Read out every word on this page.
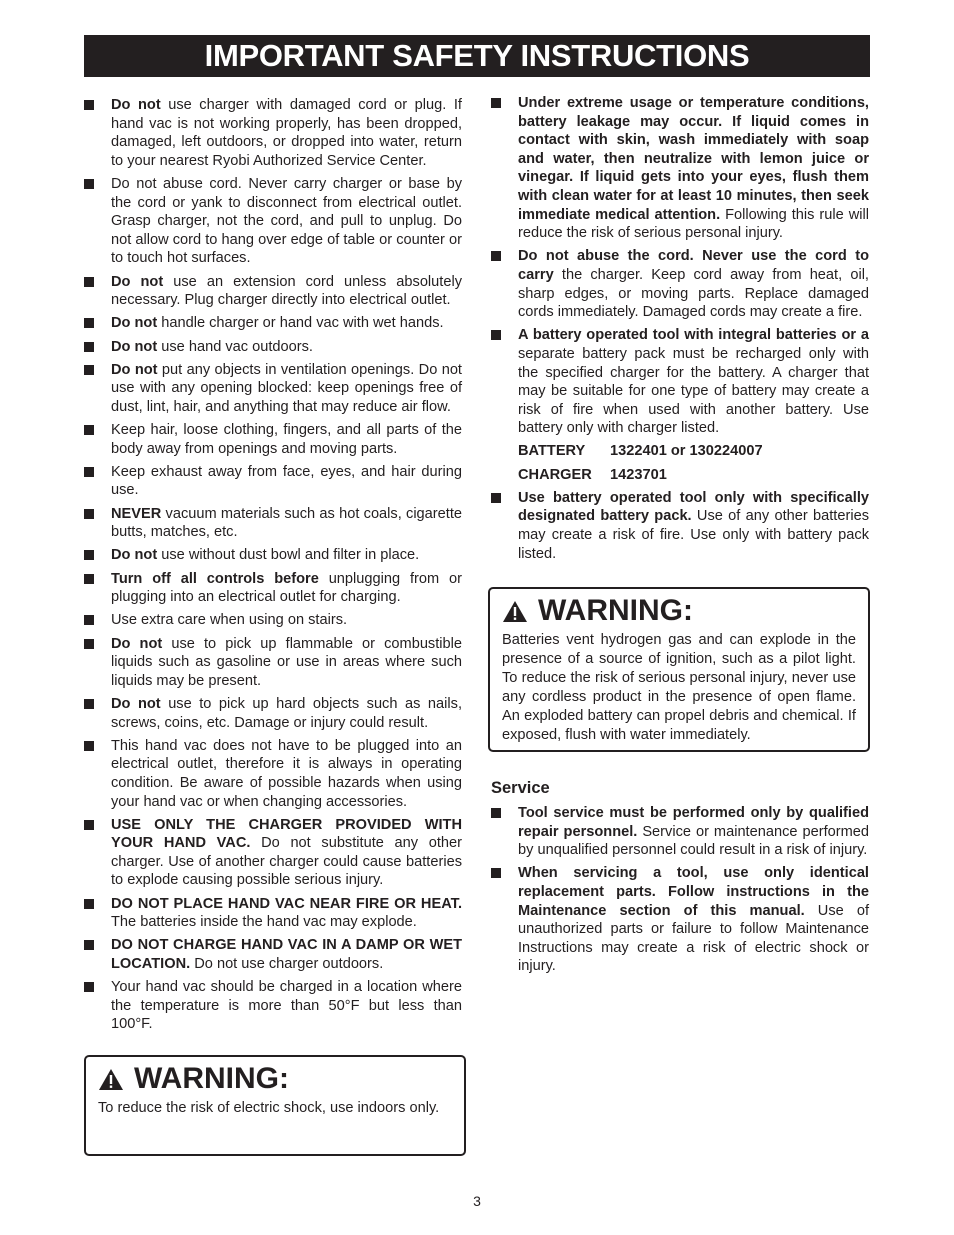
IMPORTANT SAFETY INSTRUCTIONS
Do not use charger with damaged cord or plug. If hand vac is not working properly, has been dropped, damaged, left outdoors, or dropped into water, return to your nearest Ryobi Authorized Service Center.
Do not abuse cord. Never carry charger or base by the cord or yank to disconnect from electrical outlet. Grasp charger, not the cord, and pull to unplug. Do not allow cord to hang over edge of table or counter or to touch hot surfaces.
Do not use an extension cord unless absolutely necessary. Plug charger directly into electrical outlet.
Do not handle charger or hand vac with wet hands.
Do not use hand vac outdoors.
Do not put any objects in ventilation openings. Do not use with any opening blocked: keep openings free of dust, lint, hair, and anything that may reduce air flow.
Keep hair, loose clothing, fingers, and all parts of the body away from openings and moving parts.
Keep exhaust away from face, eyes, and hair during use.
NEVER vacuum materials such as hot coals, cigarette butts, matches, etc.
Do not use without dust bowl and filter in place.
Turn off all controls before unplugging from or plugging into an electrical outlet for charging.
Use extra care when using on stairs.
Do not use to pick up flammable or combustible liquids such as gasoline or use in areas where such liquids may be present.
Do not use to pick up hard objects such as nails, screws, coins, etc. Damage or injury could result.
This hand vac does not have to be plugged into an electrical outlet, therefore it is always in operating condition. Be aware of possible hazards when using your hand vac or when changing accessories.
USE ONLY THE CHARGER PROVIDED WITH YOUR HAND VAC. Do not substitute any other charger. Use of another charger could cause batteries to explode causing possible serious injury.
DO NOT PLACE HAND VAC NEAR FIRE OR HEAT. The batteries inside the hand vac may explode.
DO NOT CHARGE HAND VAC IN A DAMP OR WET LOCATION. Do not use charger outdoors.
Your hand vac should be charged in a location where the temperature is more than 50°F but less than 100°F.
Under extreme usage or temperature conditions, battery leakage may occur. If liquid comes in contact with skin, wash immediately with soap and water, then neutralize with lemon juice or vinegar. If liquid gets into your eyes, flush them with clean water for at least 10 minutes, then seek immediate medical attention. Following this rule will reduce the risk of serious personal injury.
Do not abuse the cord. Never use the cord to carry the charger. Keep cord away from heat, oil, sharp edges, or moving parts. Replace damaged cords immediately. Damaged cords may create a fire.
A battery operated tool with integral batteries or a separate battery pack must be recharged only with the specified charger for the battery. A charger that may be suitable for one type of battery may create a risk of fire when used with another battery. Use battery only with charger listed.
BATTERY 1322401 or 130224007
CHARGER 1423701
Use battery operated tool only with specifically designated battery pack. Use of any other batteries may create a risk of fire. Use only with battery pack listed.
WARNING:
Batteries vent hydrogen gas and can explode in the presence of a source of ignition, such as a pilot light. To reduce the risk of serious personal injury, never use any cordless product in the presence of open flame. An exploded battery can propel debris and chemical. If exposed, flush with water immediately.
Service
Tool service must be performed only by qualified repair personnel. Service or maintenance performed by unqualified personnel could result in a risk of injury.
When servicing a tool, use only identical replacement parts. Follow instructions in the Maintenance section of this manual. Use of unauthorized parts or failure to follow Maintenance Instructions may create a risk of electric shock or injury.
WARNING:
To reduce the risk of electric shock, use indoors only.
3
